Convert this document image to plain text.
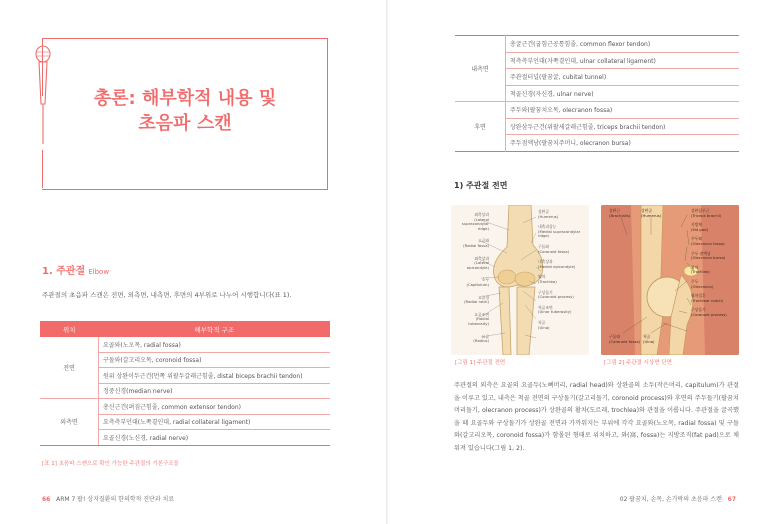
총론: 해부학적 내용 및
초음파 스캔
1. 주관절 Elbow
주관절의 초음파 스캔은 전면, 외측면, 내측면, 후면의 4부위로 나누어 시행합니다(표 1).
위치	해부학적 구조
전면	요골와(노오목, radial fossa)
	구돌와(갈고리오목, coronoid fossa)
	원위 상완이두근건(먼쪽 위팔두갈래근힘줄, distal biceps brachii tendon)
	정중신경(median nerve)
외측면	총신근건(펴짐근힘줄, common extensor tendon)
	요측측부인대(노쪽곁인대, radial collateral ligament)
	요골신경(노신경, radial nerve)
[표 1] 초음파 스캔으로 확인 가능한 주관절의 기본구조들
66 ARM 7 팔! 상지질환의 한의학적 진단과 치료
내측면	총굴근건(굽힘근공통힘줄, common flexor tendon)
	척측측부인대(자쪽곁인대, ulnar collateral ligament)
	주관절터널(팔꿈굴, cubital tunnel)
	척골신경(자신경, ulnar nerve)
후면	주두와(팔꿈치오목, olecranon fossa)
	상완삼두근건(위팔세갈래근힘줄, triceps brachii tendon)
	주두점액낭(팔꿈치주머니, olecranon bursa)
1) 주관절 전면
외측상과
(Lateral supracondylar ridge)
요골와
(Radial fossa)
외측상과
(Lateral epicondyle)
소두
(Capitulum)
요골경
(Radial neck)
요골조면
(Radial tuberosity)
요골
(Radius)
상완골
(Humerus)
내측과상능
(Medial supracondylar ridge)
구돌와
(Coronoid fossa)
내측상과
(Medial epicondyle)
활차
(Trochlea)
구상돌기
(Coronoid process)
척골조면
(Ulnar tuberosity)
척골
(Ulna)
상완근
(Brachialis)
상완골
(Humerus)
구돌와
(Coronoid fossa)
척골
(Ulna)
상완삼두근
(Triceps brachii)
지방체
(Fat pad)
주두와
(Olecranon fossa)
주두 점액낭
(Olecranon bursa)
활차
(Trochlea)
주두
(Olecranon)
활차절흔
(Trochlear notch)
구상돌기
(Coronoid process)
[그림 1] 주관절 전면	[그림 2] 주관절 시상면 단면
주관절의 외측은 요골의 요골두(노뼈머리, radial head)와 상완골의 소두(작은머리, capitulum)가 관절을 이루고 있고, 내측은 척골 전면의 구상돌기(갈고리돌기, coronoid process)와 후면의 주두돌기(팔꿈치머리돌기, olecranon process)가 상완골의 활차(도르래, trochlea)와 관절을 이룹니다. 주관절을 굴곡했을 때 요골두와 구상돌기가 상완골 전면과 가까워지는 부위에 각각 요골와(노오목, radial fossa) 및 구돌와(갈고리오목, coronoid fossa)가 함몰된 형태로 위치하고, 와(窩, fossa)는 지방조직(fat pad)으로 채워져 있습니다(그림 1, 2).
02 팔꿈치, 손목, 손가락의 초음파 스캔 67
